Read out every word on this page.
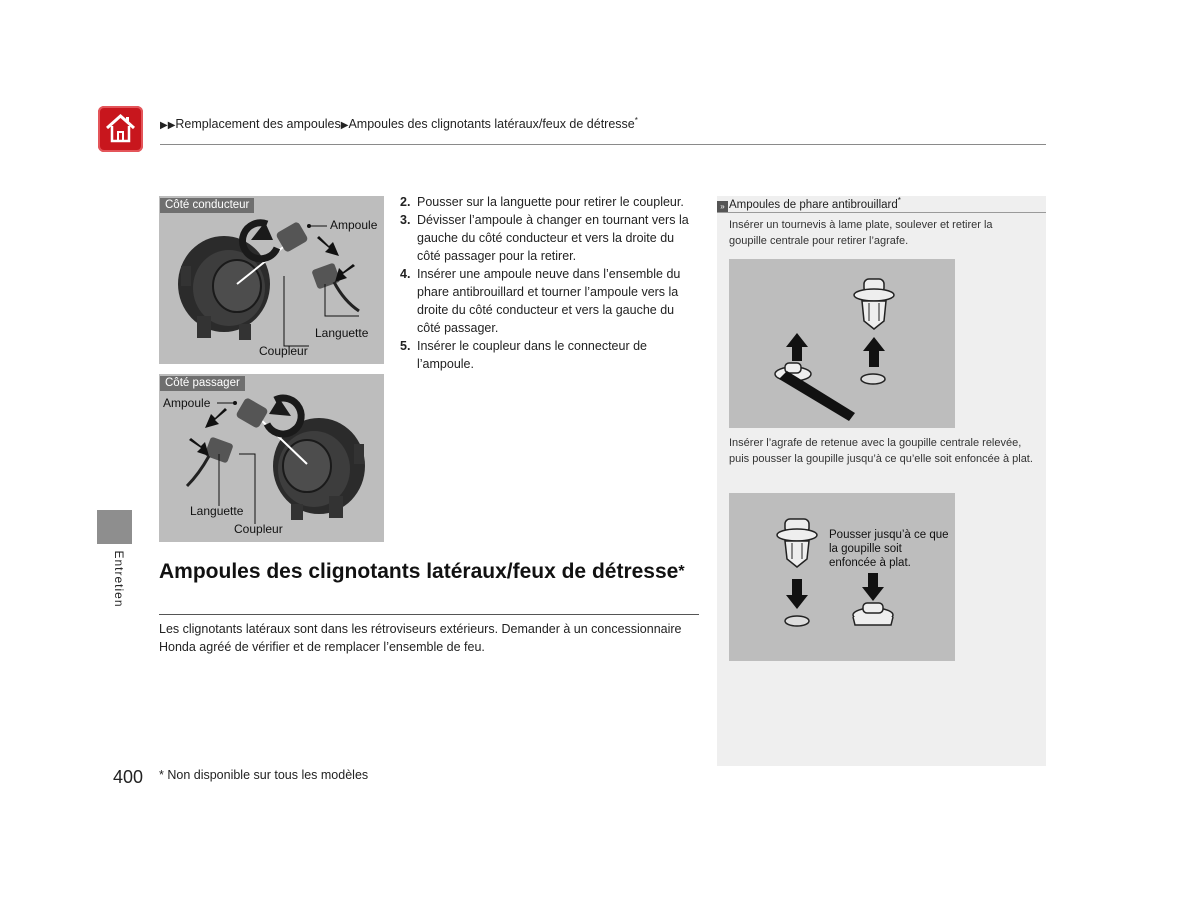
▶▶Remplacement des ampoules▶Ampoules des clignotants latéraux/feux de détresse*
Entretien
Côté conducteur
Ampoule
Languette
Coupleur
Côté passager
Ampoule
Languette
Coupleur

2. Pousser sur la languette pour retirer le coupleur.

3. Dévisser l’ampoule à changer en tournant vers la gauche du côté conducteur et vers la droite du côté passager pour la retirer.

4. Insérer une ampoule neuve dans l’ensemble du phare antibrouillard et tourner l’ampoule vers la droite du côté conducteur et vers la gauche du côté passager.

5. Insérer le coupleur dans le connecteur de l’ampoule.

Ampoules des clignotants latéraux/feux de détresse*
Les clignotants latéraux sont dans les rétroviseurs extérieurs. Demander à un concessionnaire Honda agréé de vérifier et de remplacer l’ensemble de feu.
» Ampoules de phare antibrouillard*
Insérer un tournevis à lame plate, soulever et retirer la goupille centrale pour retirer l’agrafe.
Insérer l’agrafe de retenue avec la goupille centrale relevée, puis pousser la goupille jusqu’à ce qu’elle soit enfoncée à plat.
Pousser jusqu’à ce que la goupille soit enfoncée à plat.
400 * Non disponible sur tous les modèles
